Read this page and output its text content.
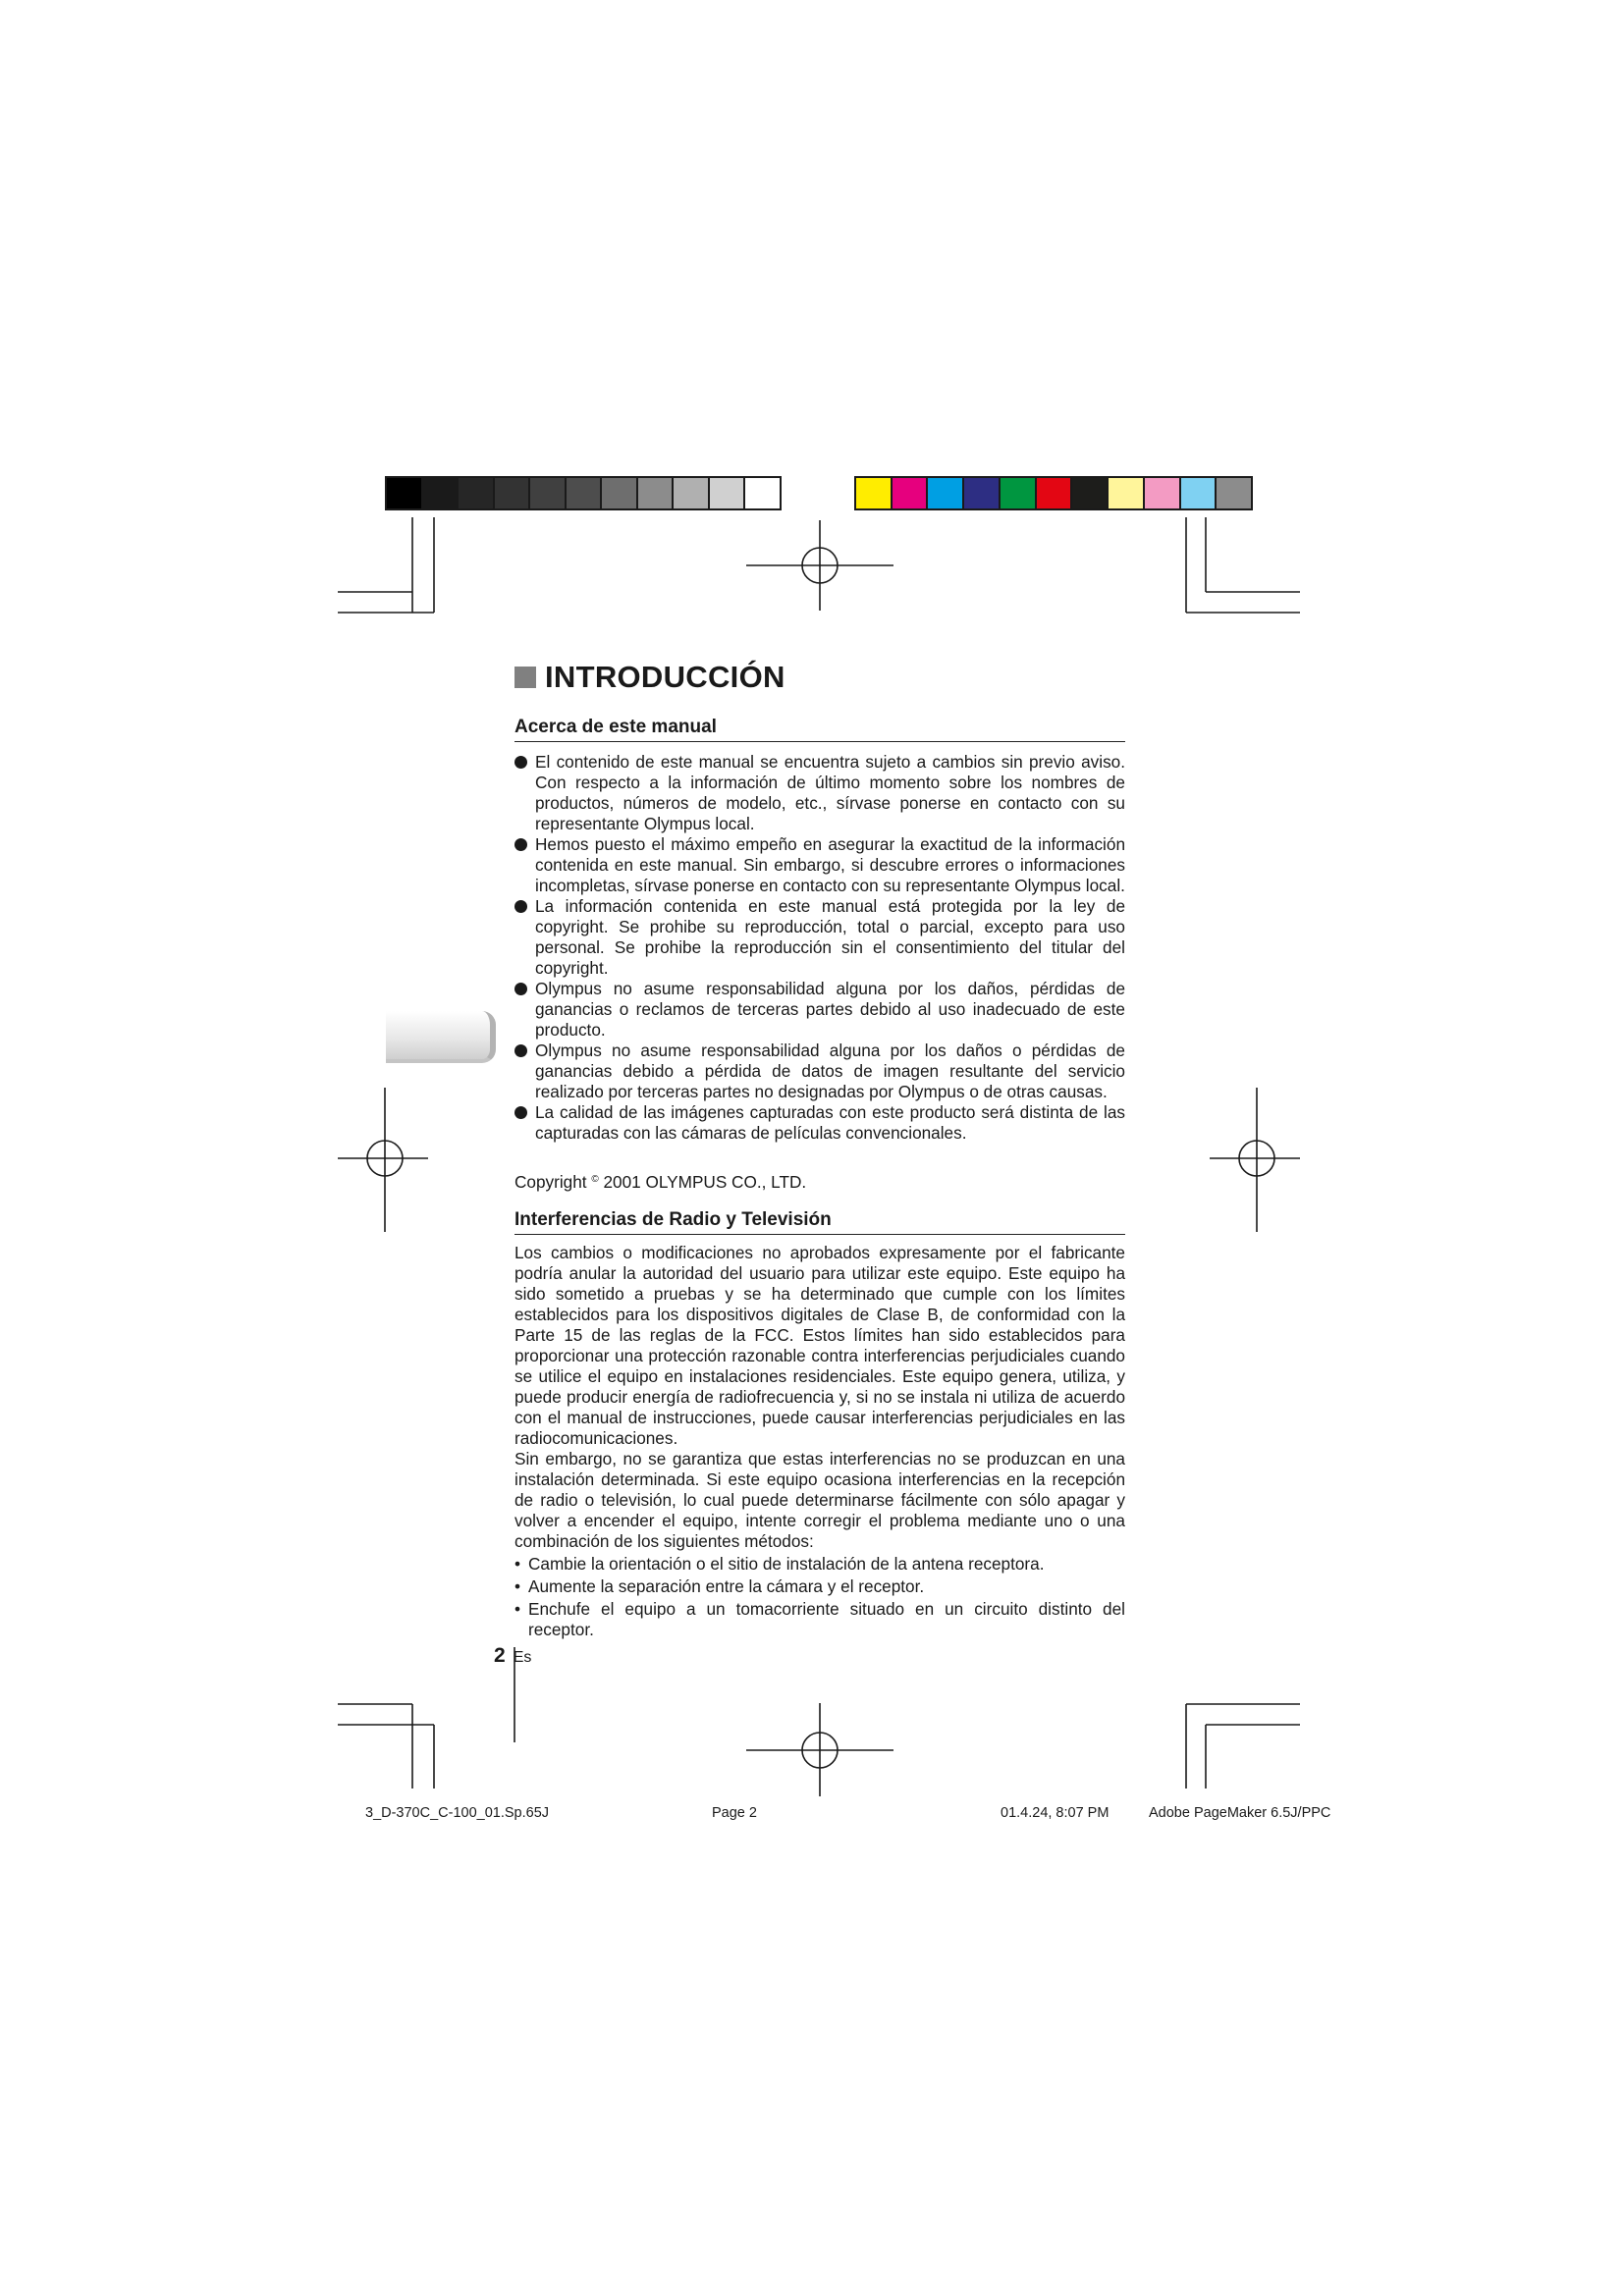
INTRODUCCIÓN
Acerca de este manual
El contenido de este manual se encuentra sujeto a cambios sin previo aviso. Con respecto a la información de último momento sobre los nombres de productos, números de modelo, etc., sírvase ponerse en contacto con su representante Olympus local.
Hemos puesto el máximo empeño en asegurar la exactitud de la información contenida en este manual. Sin embargo, si descubre errores o informaciones incompletas, sírvase ponerse en contacto con su representante Olympus local.
La información contenida en este manual está protegida por la ley de copyright. Se prohibe su reproducción, total o parcial, excepto para uso personal. Se prohibe la reproducción sin el consentimiento del titular del copyright.
Olympus no asume responsabilidad alguna por los daños, pérdidas de ganancias o reclamos de terceras partes debido al uso inadecuado de este producto.
Olympus no asume responsabilidad alguna por los daños o pérdidas de ganancias debido a pérdida de datos de imagen resultante del servicio realizado por terceras partes no designadas por Olympus o de otras causas.
La calidad de las imágenes capturadas con este producto será distinta de las capturadas con las cámaras de películas convencionales.

Copyright © 2001 OLYMPUS CO., LTD.

Interferencias de Radio y Televisión

Los cambios o modificaciones no aprobados expresamente por el fabricante podría anular la autoridad del usuario para utilizar este equipo. Este equipo ha sido sometido a pruebas y se ha determinado que cumple con los límites establecidos para los dispositivos digitales de Clase B, de conformidad con la Parte 15 de las reglas de la FCC. Estos límites han sido establecidos para proporcionar una protección razonable contra interferencias perjudiciales cuando se utilice el equipo en instalaciones residenciales. Este equipo genera, utiliza, y puede producir energía de radiofrecuencia y, si no se instala ni utiliza de acuerdo con el manual de instrucciones, puede causar interferencias perjudiciales en las radiocomunicaciones.

Sin embargo, no se garantiza que estas interferencias no se produzcan en una instalación determinada. Si este equipo ocasiona interferencias en la recepción de radio o televisión, lo cual puede determinarse fácilmente con sólo apagar y volver a encender el equipo, intente corregir el problema mediante uno o una combinación de los siguientes métodos:

• Cambie la orientación o el sitio de instalación de la antena receptora.
• Aumente la separación entre la cámara y el receptor.
• Enchufe el equipo a un tomacorriente situado en un circuito distinto del receptor.
2 Es
3_D-370C_C-100_01.Sp.65J	Page 2	01.4.24, 8:07 PM	Adobe PageMaker 6.5J/PPC
